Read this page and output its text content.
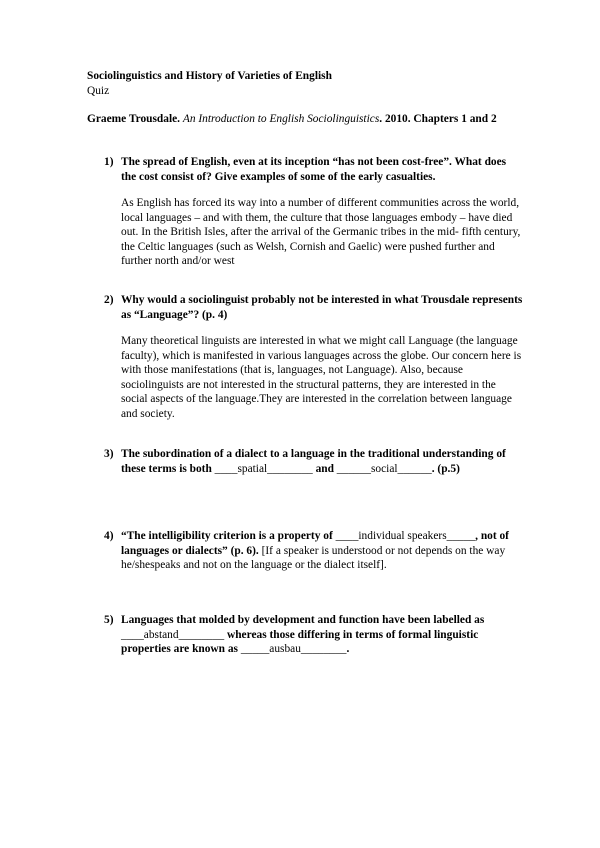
Sociolinguistics and History of Varieties of English

Quiz

Graeme Trousdale. An Introduction to English Sociolinguistics. 2010. Chapters 1 and 2
1) The spread of English, even at its inception “has not been cost-free”. What does the cost consist of? Give examples of some of the early casualties.
As English has forced its way into a number of different communities across the world, local languages – and with them, the culture that those languages embody – have died out. In the British Isles, after the arrival of the Germanic tribes in the mid- fifth century, the Celtic languages (such as Welsh, Cornish and Gaelic) were pushed further and further north and/or west
2) Why would a sociolinguist probably not be interested in what Trousdale represents as “Language”? (p. 4)
Many theoretical linguists are interested in what we might call Language (the language faculty), which is manifested in various languages across the globe. Our concern here is with those manifestations (that is, languages, not Language). Also, because sociolinguists are not interested in the structural patterns, they are interested in the social aspects of the language.They are interested in the correlation between language and society.
3) The subordination of a dialect to a language in the traditional understanding of these terms is both ____spatial________ and ______social______. (p.5)
4) “The intelligibility criterion is a property of ____individual speakers_____, not of languages or dialects” (p. 6). [If a speaker is understood or not depends on the way he/shespeaks and not on the language or the dialect itself].
5) Languages that molded by development and function have been labelled as ____abstand________ whereas those differing in terms of formal linguistic properties are known as _____ausbau________.
